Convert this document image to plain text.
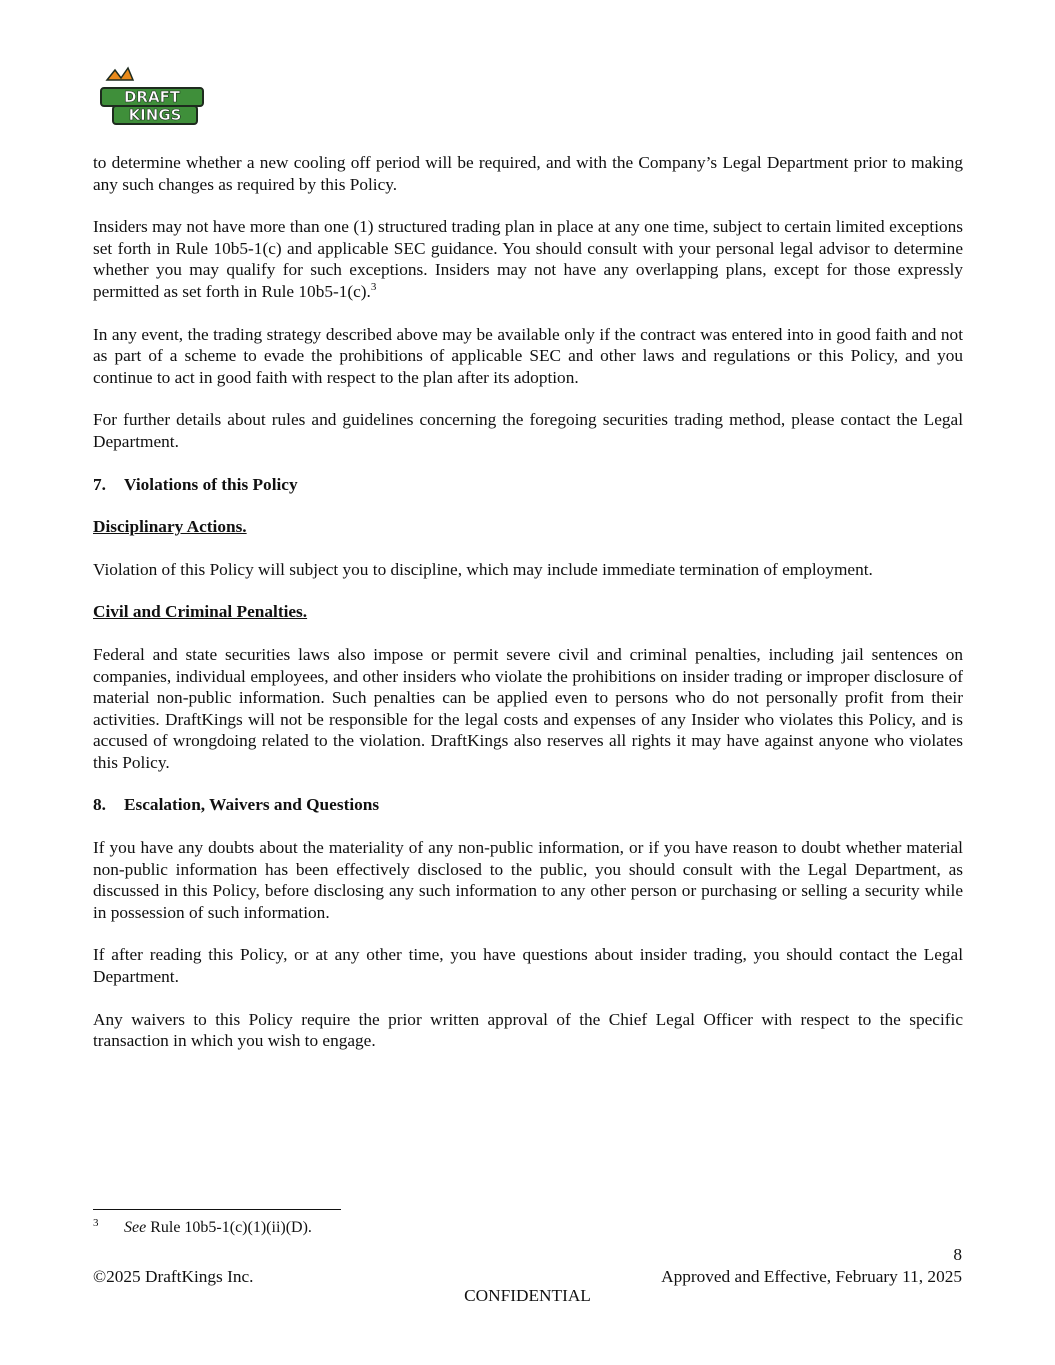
DRAFT
KINGS

to determine whether a new cooling off period will be required, and with the Company’s Legal Department prior to making any such changes as required by this Policy.

Insiders may not have more than one (1) structured trading plan in place at any one time, subject to certain limited exceptions set forth in Rule 10b5-1(c) and applicable SEC guidance. You should consult with your personal legal advisor to determine whether you may qualify for such exceptions. Insiders may not have any overlapping plans, except for those expressly permitted as set forth in Rule 10b5-1(c).$^3$

In any event, the trading strategy described above may be available only if the contract was entered into in good faith and not as part of a scheme to evade the prohibitions of applicable SEC and other laws and regulations or this Policy, and you continue to act in good faith with respect to the plan after its adoption.

For further details about rules and guidelines concerning the foregoing securities trading method, please contact the Legal Department.

7. Violations of this Policy
Disciplinary Actions.

Violation of this Policy will subject you to discipline, which may include immediate termination of employment.

Civil and Criminal Penalties.

Federal and state securities laws also impose or permit severe civil and criminal penalties, including jail sentences on companies, individual employees, and other insiders who violate the prohibitions on insider trading or improper disclosure of material non-public information. Such penalties can be applied even to persons who do not personally profit from their activities. DraftKings will not be responsible for the legal costs and expenses of any Insider who violates this Policy, and is accused of wrongdoing related to the violation. DraftKings also reserves all rights it may have against anyone who violates this Policy.

8. Escalation, Waivers and Questions

If you have any doubts about the materiality of any non-public information, or if you have reason to doubt whether material non-public information has been effectively disclosed to the public, you should consult with the Legal Department, as discussed in this Policy, before disclosing any such information to any other person or purchasing or selling a security while in possession of such information.

If after reading this Policy, or at any other time, you have questions about insider trading, you should contact the Legal Department.

Any waivers to this Policy require the prior written approval of the Chief Legal Officer with respect to the specific transaction in which you wish to engage.

3 See Rule 10b5-1(c)(1)(ii)(D).
8
©2025 DraftKings Inc.	Approved and Effective, February 11, 2025
CONFIDENTIAL
